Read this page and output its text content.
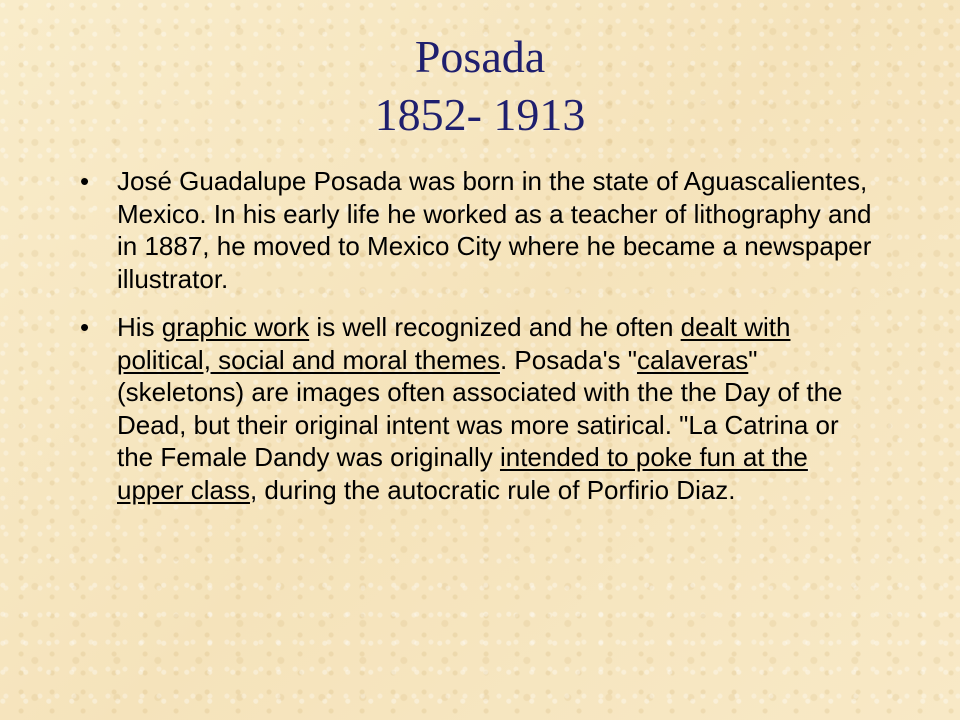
Posada
1852- 1913
• José Guadalupe Posada was born in the state of Aguascalientes, Mexico. In his early life he worked as a teacher of lithography and in 1887, he moved to Mexico City where he became a newspaper illustrator.
• His graphic work is well recognized and he often dealt with political, social and moral themes. Posada's "calaveras" (skeletons) are images often associated with the the Day of the Dead, but their original intent was more satirical. "La Catrina or the Female Dandy was originally intended to poke fun at the upper class, during the autocratic rule of Porfirio Diaz.
